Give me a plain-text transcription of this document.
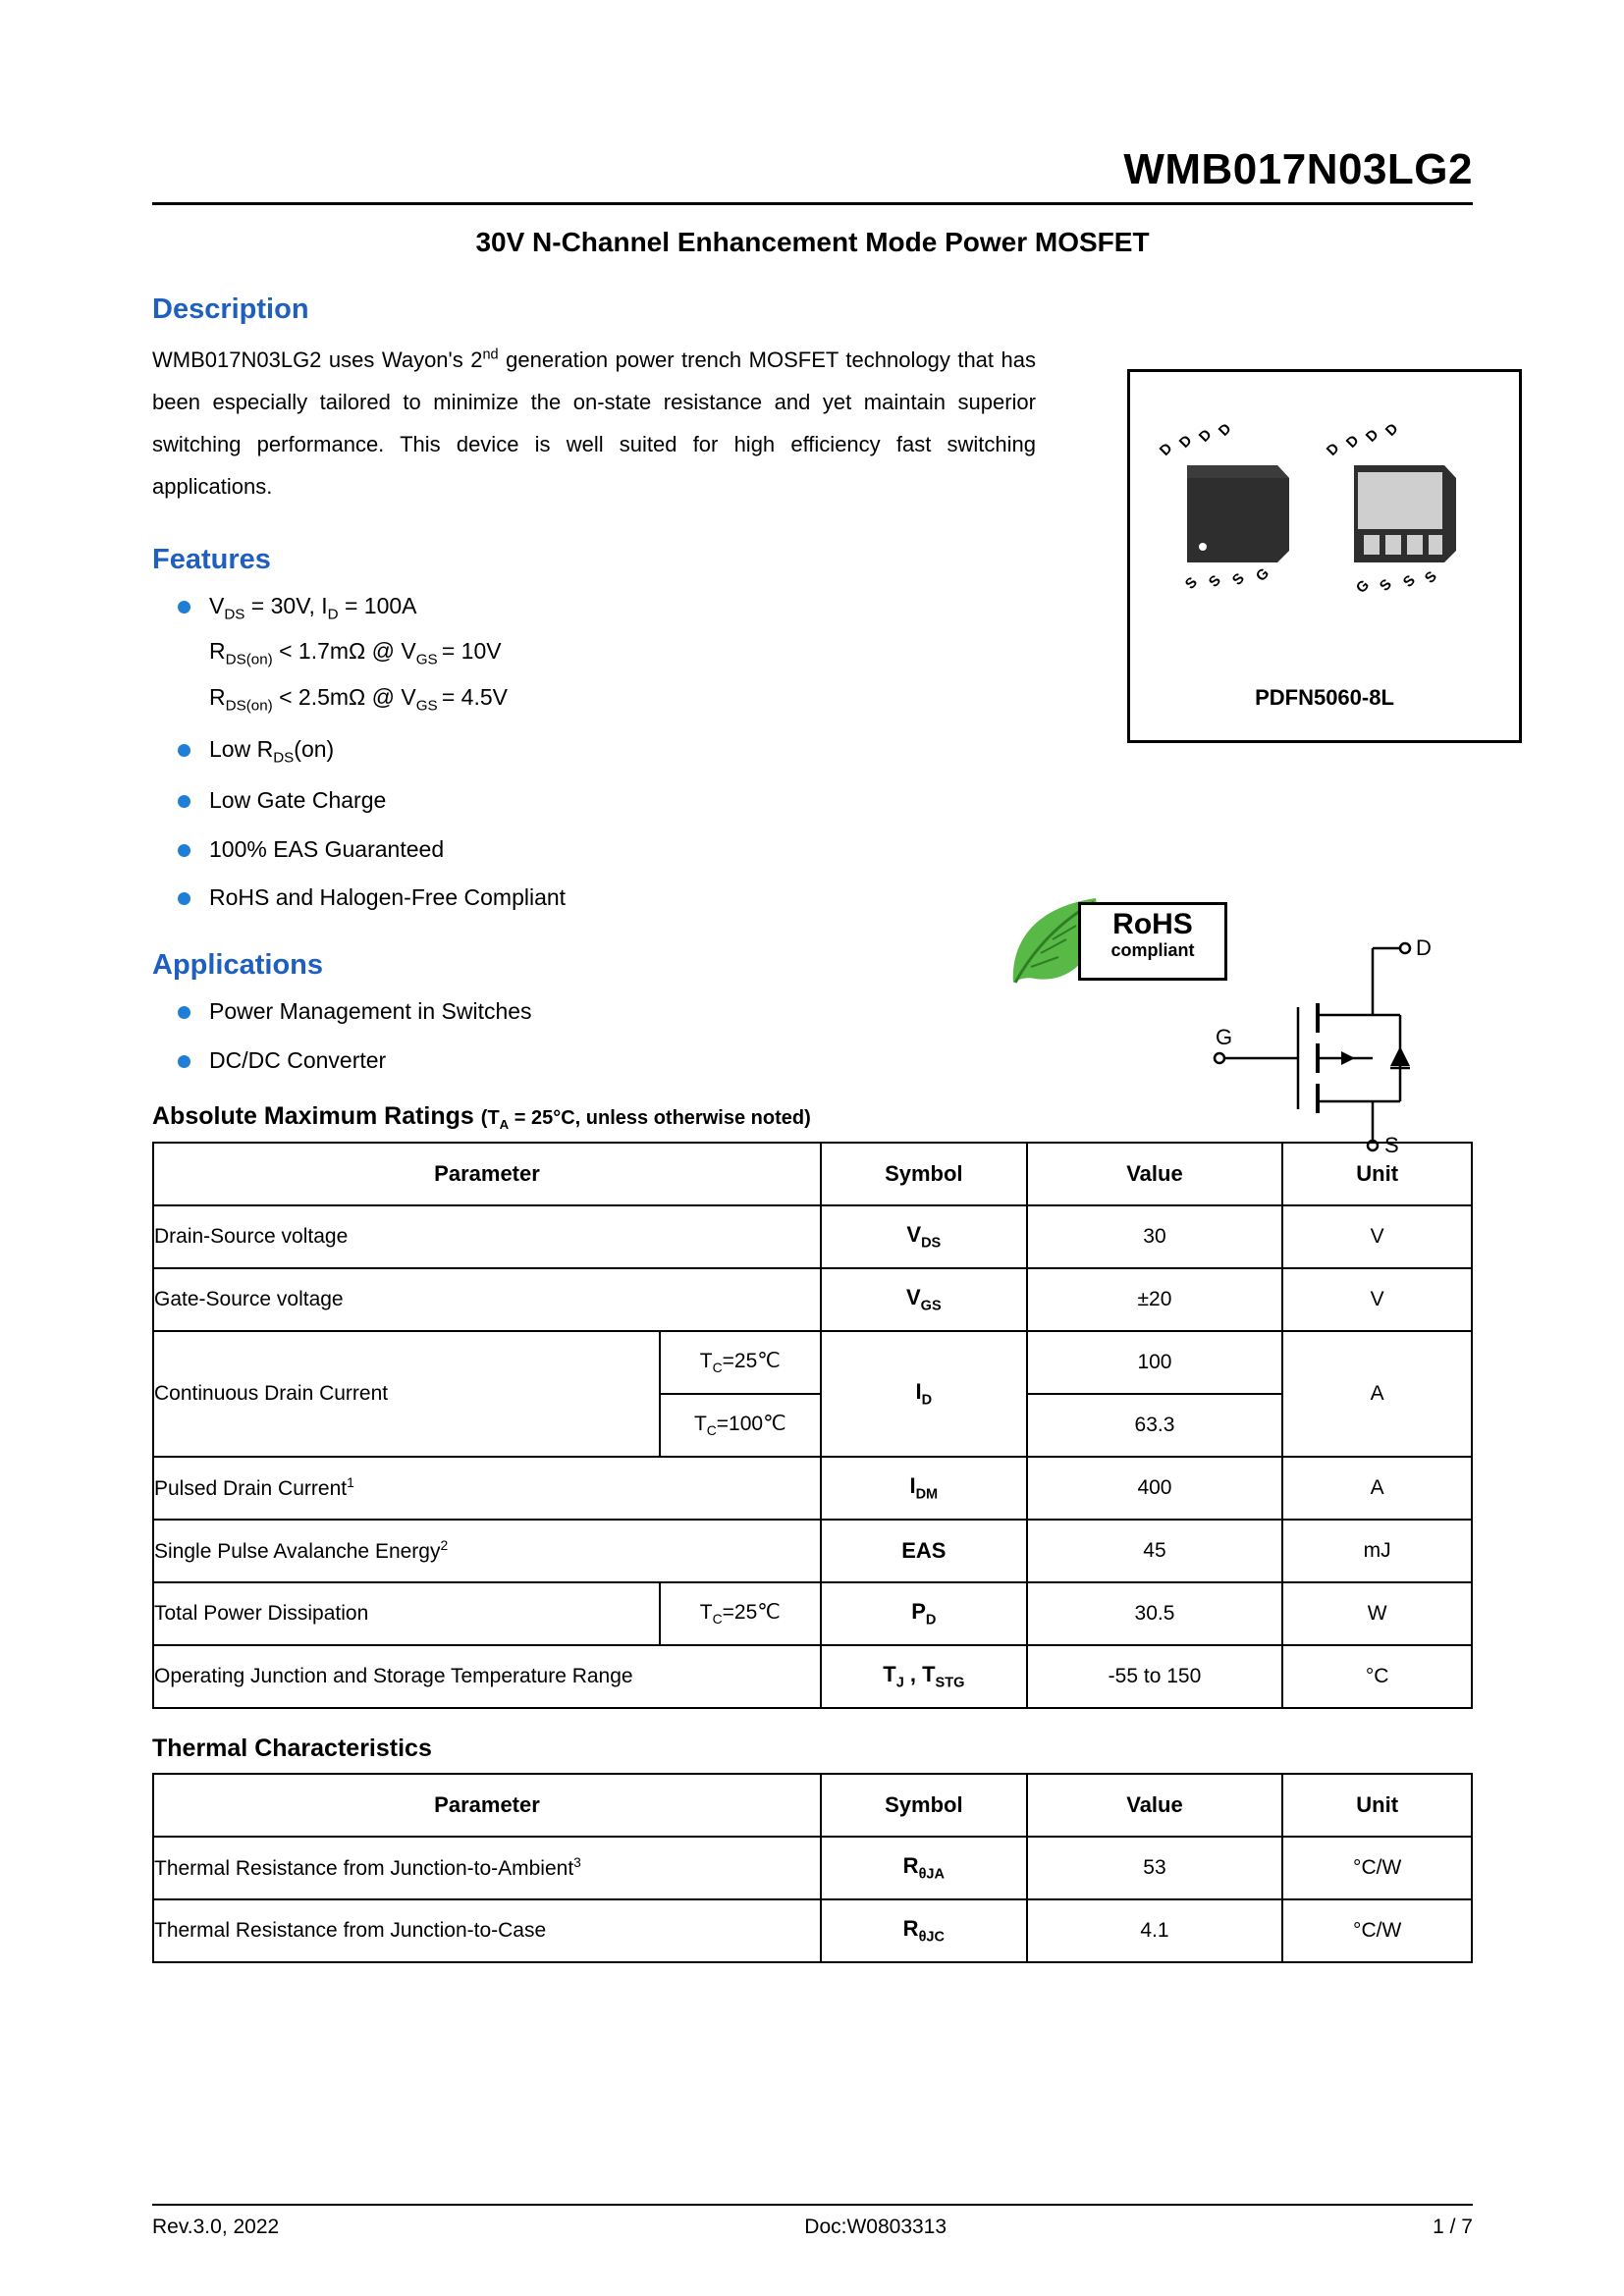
WMB017N03LG2
30V N-Channel Enhancement Mode Power MOSFET
Description
WMB017N03LG2 uses Wayon's 2nd generation power trench MOSFET technology that has been especially tailored to minimize the on-state resistance and yet maintain superior switching performance. This device is well suited for high efficiency fast switching applications.
Features
$V_{DS} = 30V$, $I_D = 100A$
$R_{DS(on)} < 1.7m\Omega$ @ $V_{GS} = 10V$
$R_{DS(on)} < 2.5m\Omega$ @ $V_{GS} = 4.5V$
Low $R_{DS}(on)$
Low Gate Charge
100% EAS Guaranteed
RoHS and Halogen-Free Compliant
Applications
Power Management in Switches
DC/DC Converter
Absolute Maximum Ratings ($T_A = 25^\circ C$, unless otherwise noted)
Parameter		Symbol	Value	Unit
Drain-Source voltage		$V_{DS}$	30	V
Gate-Source voltage		$V_{GS}$	±20	V
Continuous Drain Current	$T_C=25℃$	$I_D$	100	A
	$T_C=100℃$		63.3	
Pulsed Drain Current$^1$		$I_{DM}$	400	A
Single Pulse Avalanche Energy$^2$		EAS	45	mJ
Total Power Dissipation	$T_C=25℃$	$P_D$	30.5	W
Operating Junction and Storage Temperature Range		$T_J$ , $T_{STG}$	-55 to 150	°C
Thermal Characteristics
Parameter	Symbol	Value	Unit
Thermal Resistance from Junction-to-Ambient$^3$	$R_{\theta JA}$	53	°C/W
Thermal Resistance from Junction-to-Case	$R_{\theta JC}$	4.1	°C/W
D D D D
S S S G
D D D D
G S S S
PDFN5060-8L
RoHS
compliant	D
S
G
Rev.3.0, 2022	Doc:W0803313	1 / 7
